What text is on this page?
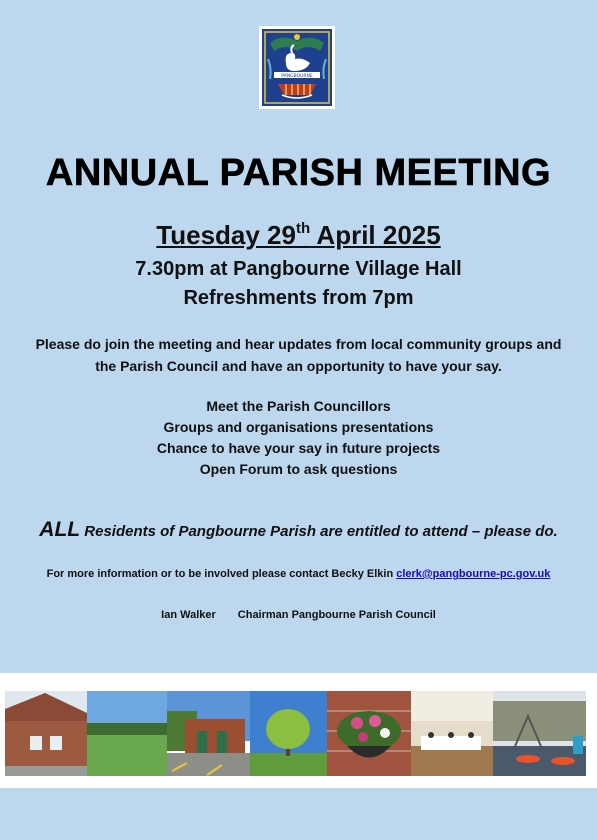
PANGBOURNE
ANNUAL PARISH MEETING
Tuesday 29th April 2025
7.30pm at Pangbourne Village Hall
Refreshments from 7pm
Please do join the meeting and hear updates from local community groups and
the Parish Council and have an opportunity to have your say.
Meet the Parish Councillors
Groups and organisations presentations
Chance to have your say in future projects
Open Forum to ask questions
ALL Residents of Pangbourne Parish are entitled to attend – please do.
For more information or to be involved please contact Becky Elkin clerk@pangbourne-pc.gov.uk
Ian Walker Chairman Pangbourne Parish Council
